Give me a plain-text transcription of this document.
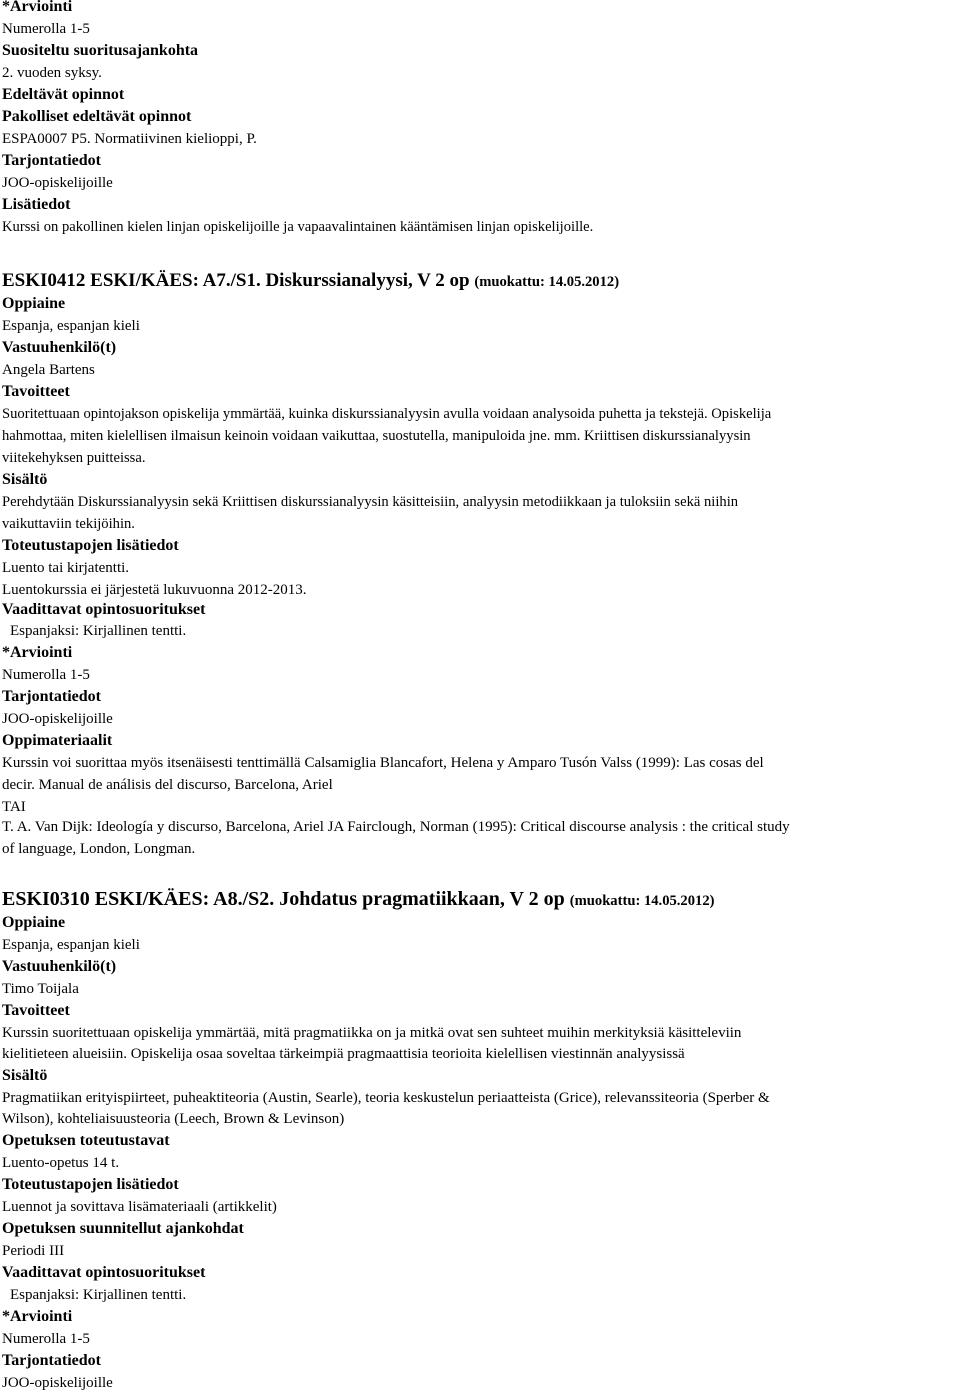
*Arviointi

Numerolla 1-5

Suositeltu suoritusajankohta

2. vuoden syksy.

Edeltävät opinnot

Pakolliset edeltävät opinnot

ESPA0007 P5. Normatiivinen kielioppi, P.

Tarjontatiedot

JOO-opiskelijoille

Lisätiedot

Kurssi on pakollinen kielen linjan opiskelijoille ja vapaavalintainen kääntämisen linjan opiskelijoille.

ESKI0412 ESKI/KÄES: A7./S1. Diskurssianalyysi, V 2 op (muokattu: 14.05.2012)

Oppiaine

Espanja, espanjan kieli

Vastuuhenkilö(t)

Angela Bartens

Tavoitteet

Suoritettuaan opintojakson opiskelija ymmärtää, kuinka diskurssianalyysin avulla voidaan analysoida puhetta ja tekstejä. Opiskelija

hahmottaa, miten kielellisen ilmaisun keinoin voidaan vaikuttaa, suostutella, manipuloida jne. mm. Kriittisen diskurssianalyysin

viitekehyksen puitteissa.

Sisältö

Perehdytään Diskurssianalyysin sekä Kriittisen diskurssianalyysin käsitteisiin, analyysin metodiikkaan ja tuloksiin sekä niihin

vaikuttaviin tekijöihin.

Toteutustapojen lisätiedot

Luento tai kirjatentti.

Luentokurssia ei järjestetä lukuvuonna 2012-2013.

Vaadittavat opintosuoritukset

Espanjaksi: Kirjallinen tentti.

*Arviointi

Numerolla 1-5

Tarjontatiedot

JOO-opiskelijoille

Oppimateriaalit

Kurssin voi suorittaa myös itsenäisesti tenttimällä Calsamiglia Blancafort, Helena y Amparo Tusón Valss (1999): Las cosas del

decir. Manual de análisis del discurso, Barcelona, Ariel

TAI

T. A. Van Dijk: Ideología y discurso, Barcelona, Ariel JA Fairclough, Norman (1995): Critical discourse analysis : the critical study

of language, London, Longman.

ESKI0310 ESKI/KÄES: A8./S2. Johdatus pragmatiikkaan, V 2 op (muokattu: 14.05.2012)

Oppiaine

Espanja, espanjan kieli

Vastuuhenkilö(t)

Timo Toijala

Tavoitteet

Kurssin suoritettuaan opiskelija ymmärtää, mitä pragmatiikka on ja mitkä ovat sen suhteet muihin merkityksiä käsitteleviin

kielitieteen alueisiin. Opiskelija osaa soveltaa tärkeimpiä pragmaattisia teorioita kielellisen viestinnän analyysissä

Sisältö

Pragmatiikan erityispiirteet, puheaktiteoria (Austin, Searle), teoria keskustelun periaatteista (Grice), relevanssiteoria (Sperber &

Wilson), kohteliaisuusteoria (Leech, Brown & Levinson)

Opetuksen toteutustavat

Luento-opetus 14 t.

Toteutustapojen lisätiedot

Luennot ja sovittava lisämateriaali (artikkelit)

Opetuksen suunnitellut ajankohdat

Periodi III

Vaadittavat opintosuoritukset

Espanjaksi: Kirjallinen tentti.

*Arviointi

Numerolla 1-5

Tarjontatiedot

JOO-opiskelijoille
